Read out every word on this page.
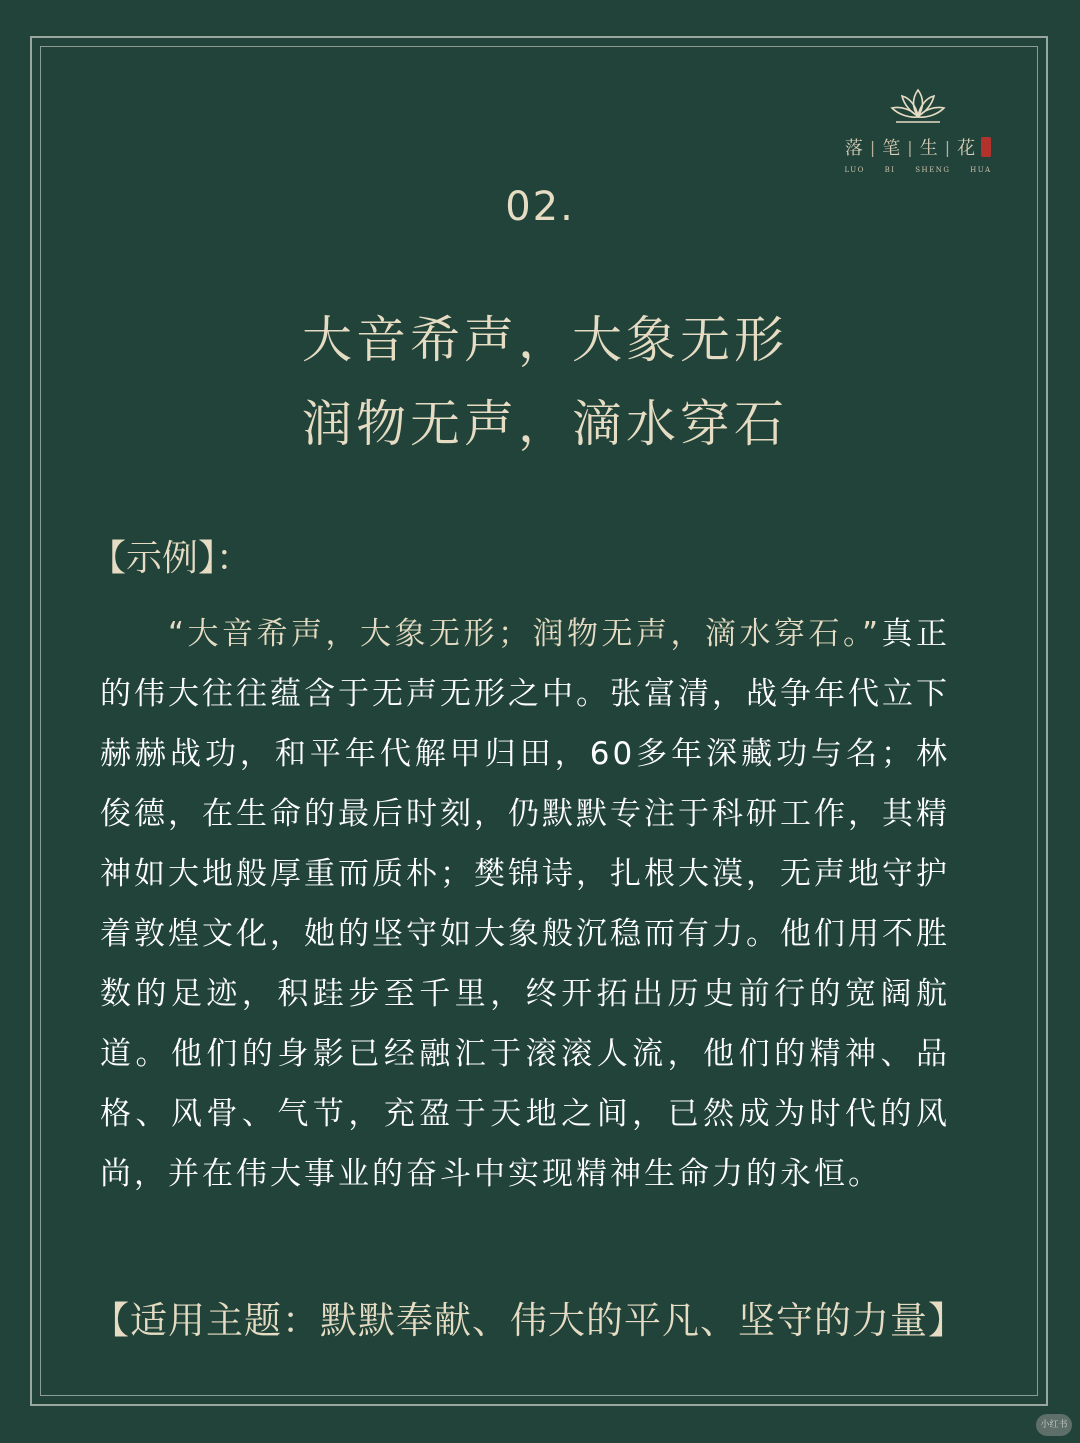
落 | 笔 | 生 | 花
LUO BI SHENG HUA
02.
大音希声，大象无形
润物无声，滴水穿石
【示例】：
“大音希声，大象无形；润物无声，滴水穿石。”真正的伟大往往蕴含于无声无形之中。张富清，战争年代立下赫赫战功，和平年代解甲归田，60多年深藏功与名；林俊德，在生命的最后时刻，仍默默专注于科研工作，其精神如大地般厚重而质朴；樊锦诗，扎根大漠，无声地守护着敦煌文化，她的坚守如大象般沉稳而有力。他们用不胜数的足迹，积跬步至千里，终开拓出历史前行的宽阔航道。他们的身影已经融汇于滚滚人流，他们的精神、品格、风骨、气节，充盈于天地之间，已然成为时代的风尚，并在伟大事业的奋斗中实现精神生命力的永恒。
【适用主题：默默奉献、伟大的平凡、坚守的力量】
小红书
